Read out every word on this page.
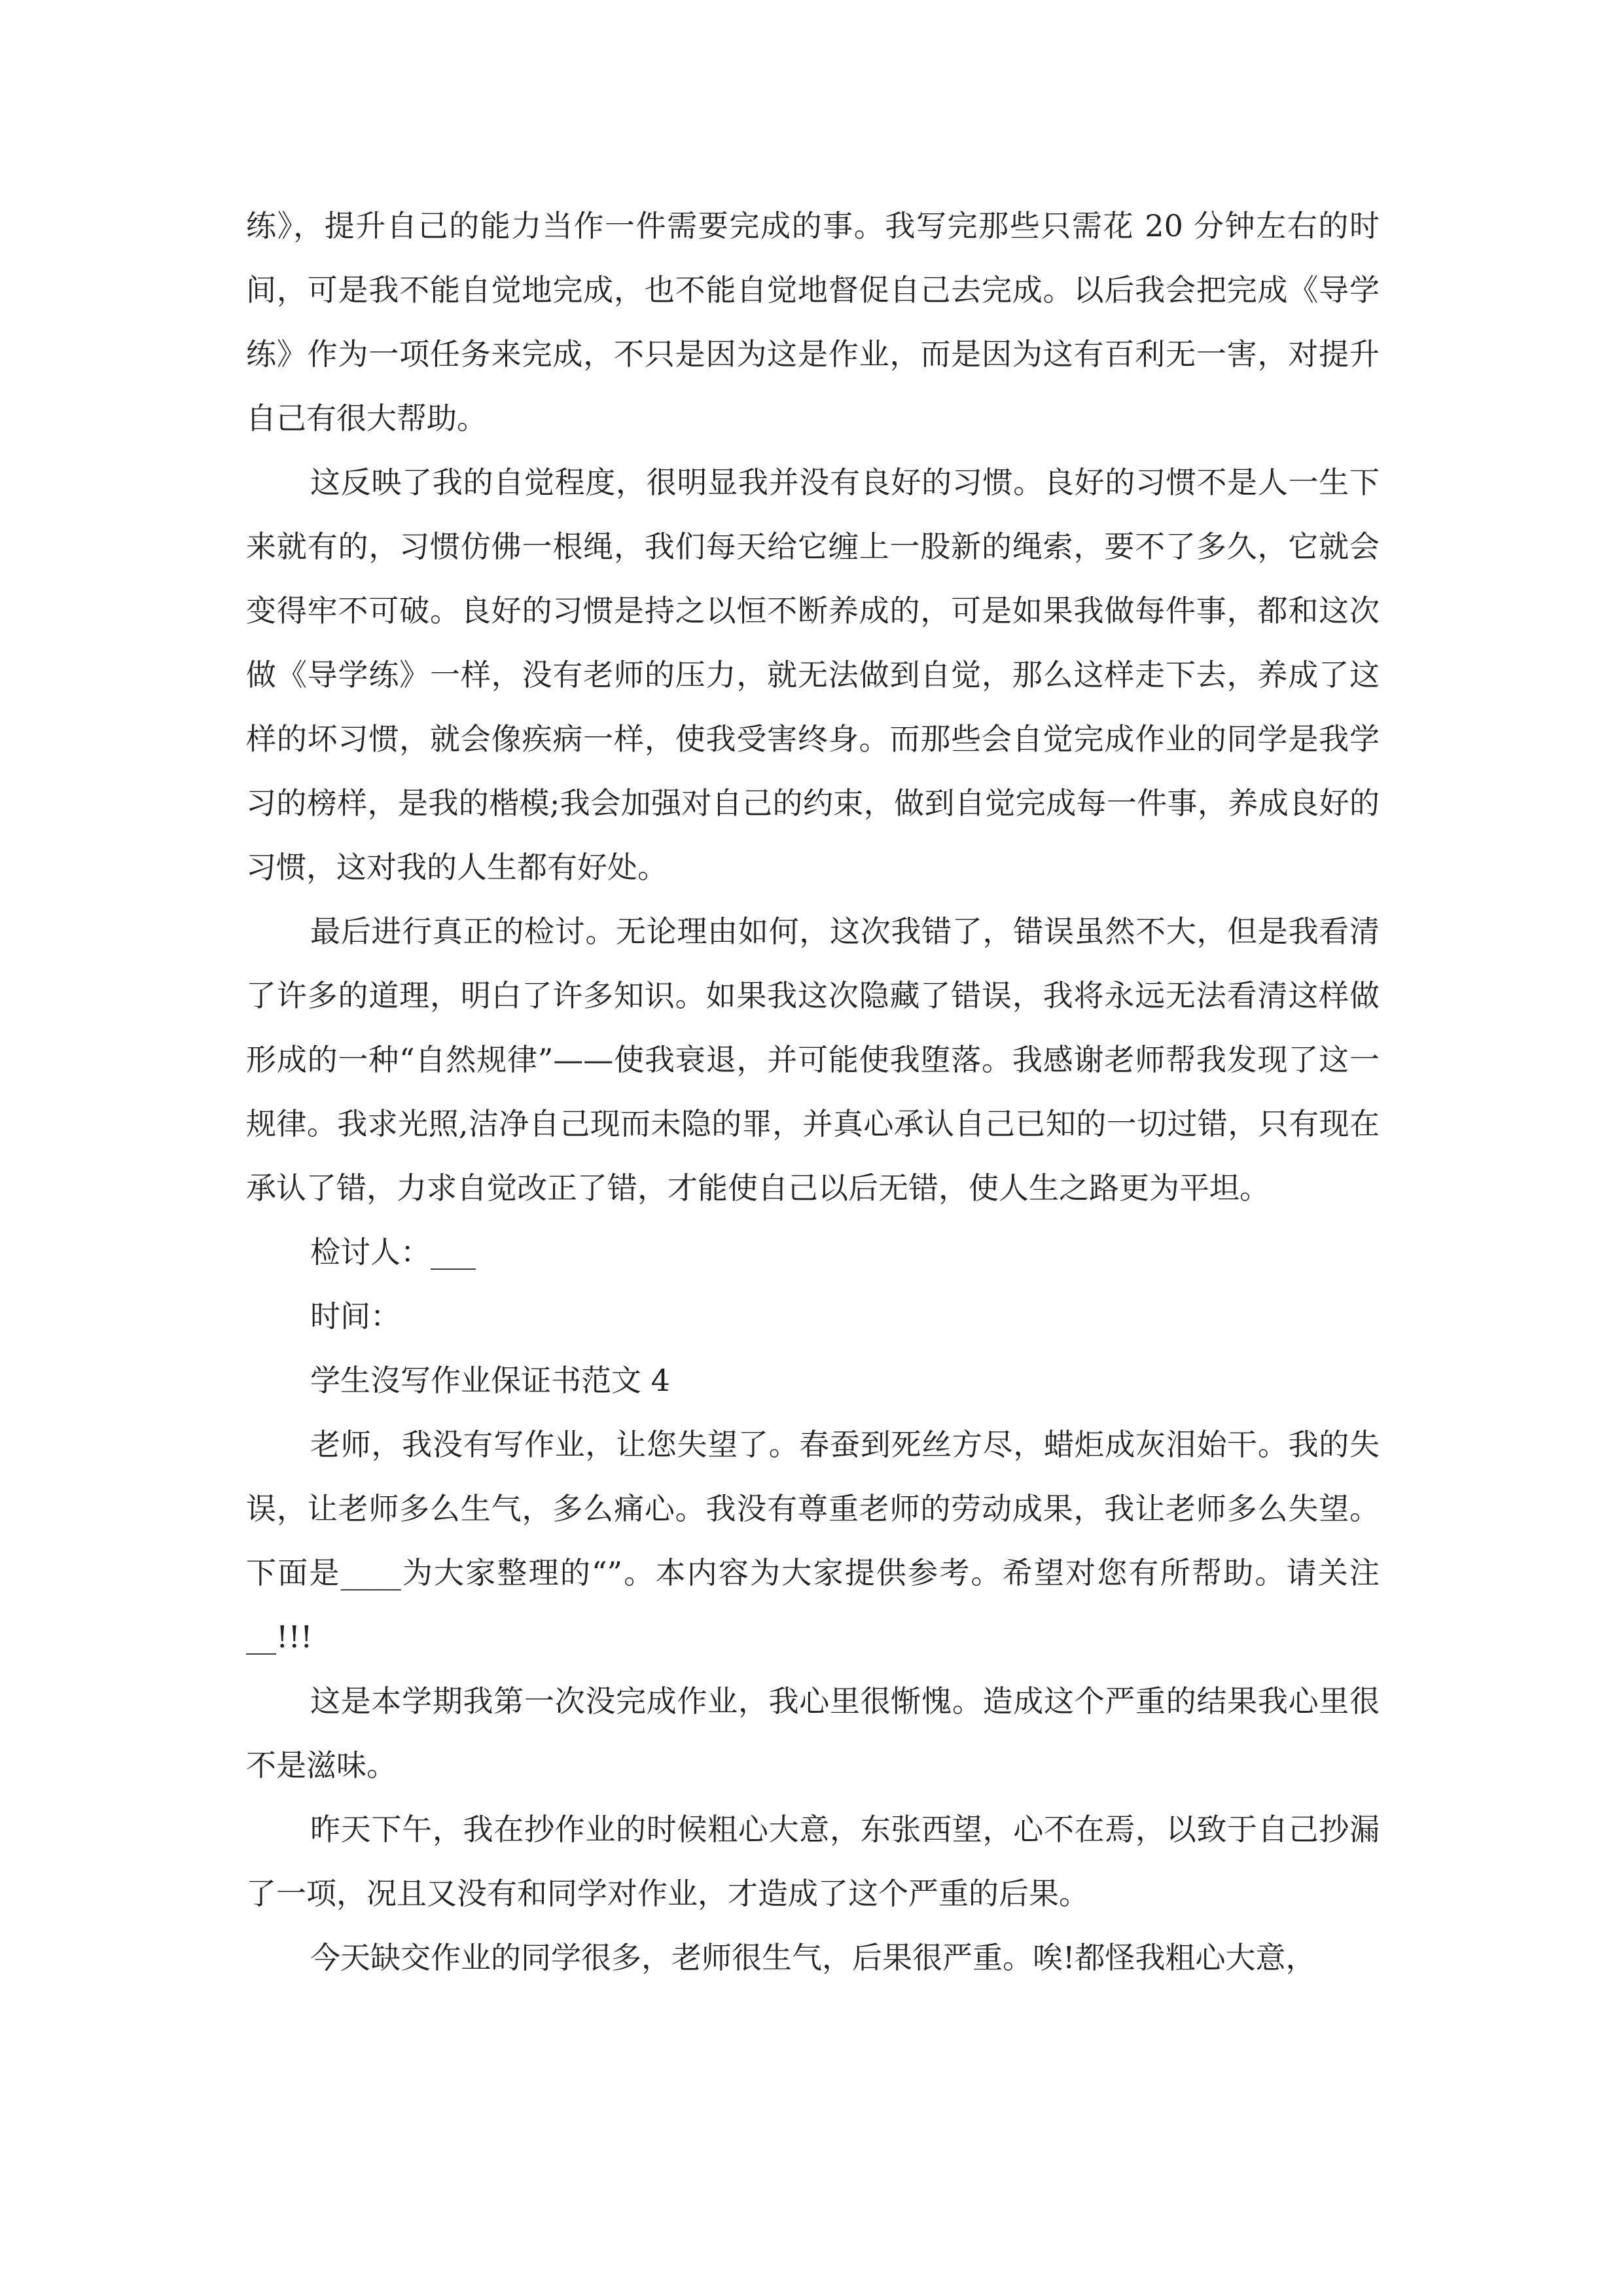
练》，提升自己的能力当作一件需要完成的事。我写完那些只需花 20 分钟左右的时间，可是我不能自觉地完成，也不能自觉地督促自己去完成。以后我会把完成《导学练》作为一项任务来完成，不只是因为这是作业，而是因为这有百利无一害，对提升自己有很大帮助。

这反映了我的自觉程度，很明显我并没有良好的习惯。良好的习惯不是人一生下来就有的，习惯仿佛一根绳，我们每天给它缠上一股新的绳索，要不了多久，它就会变得牢不可破。良好的习惯是持之以恒不断养成的，可是如果我做每件事，都和这次做《导学练》一样，没有老师的压力，就无法做到自觉，那么这样走下去，养成了这样的坏习惯，就会像疾病一样，使我受害终身。而那些会自觉完成作业的同学是我学习的榜样，是我的楷模;我会加强对自己的约束，做到自觉完成每一件事，养成良好的习惯，这对我的人生都有好处。

最后进行真正的检讨。无论理由如何，这次我错了，错误虽然不大，但是我看清了许多的道理，明白了许多知识。如果我这次隐藏了错误，我将永远无法看清这样做形成的一种“自然规律”——使我衰退，并可能使我堕落。我感谢老师帮我发现了这一规律。我求光照,洁净自己现而未隐的罪，并真心承认自己已知的一切过错，只有现在承认了错，力求自觉改正了错，才能使自己以后无错，使人生之路更为平坦。

检讨人：___

时间：

学生沒写作业保证书范文 4

老师，我没有写作业，让您失望了。春蚕到死丝方尽，蜡炬成灰泪始干。我的失误，让老师多么生气，多么痛心。我没有尊重老师的劳动成果，我让老师多么失望。下面是____为大家整理的“”。本内容为大家提供参考。希望对您有所帮助。请关注__!!!

这是本学期我第一次没完成作业，我心里很惭愧。造成这个严重的结果我心里很不是滋味。

昨天下午，我在抄作业的时候粗心大意，东张西望，心不在焉，以致于自己抄漏了一项，况且又没有和同学对作业，才造成了这个严重的后果。

今天缺交作业的同学很多，老师很生气，后果很严重。唉!都怪我粗心大意，
